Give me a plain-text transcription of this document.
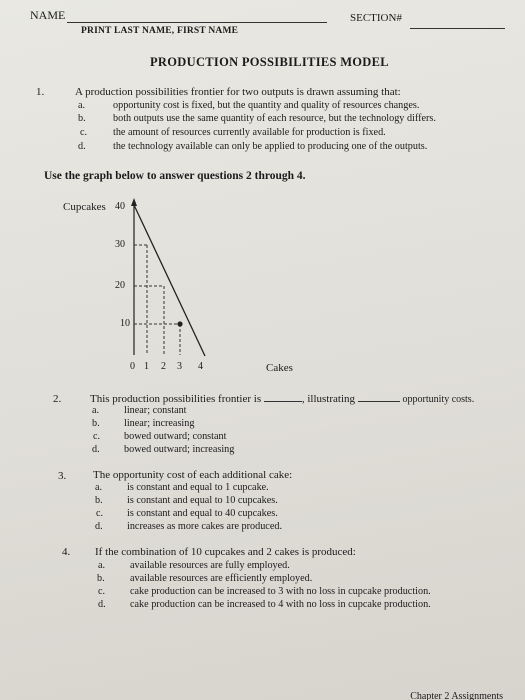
NAME	SECTION#
PRINT LAST NAME, FIRST NAME
PRODUCTION POSSIBILITIES MODEL
1.	A production possibilities frontier for two outputs is drawn assuming that:
a.	opportunity cost is fixed, but the quantity and quality of resources changes.
b.	both outputs use the same quantity of each resource, but the technology differs.
c.	the amount of resources currently available for production is fixed.
d.	the technology available can only be applied to producing one of the outputs.
Use the graph below to answer questions 2 through 4.
Cupcakes 40
30
20
10
0 1 2 3 4	Cakes
2.	This production possibilities frontier is	, illustrating	opportunity costs.
a. linear; constant
b. linear; increasing
c. bowed outward; constant
d. bowed outward; increasing
3. The opportunity cost of each additional cake:
a. is constant and equal to 1 cupcake.
b. is constant and equal to 10 cupcakes.
c. is constant and equal to 40 cupcakes.
d. increases as more cakes are produced.
4. If the combination of 10 cupcakes and 2 cakes is produced:
a. available resources are fully employed.
b. available resources are efficiently employed.
c. cake production can be increased to 3 with no loss in cupcake production.
d. cake production can be increased to 4 with no loss in cupcake production.
Chapter 2 Assignments
